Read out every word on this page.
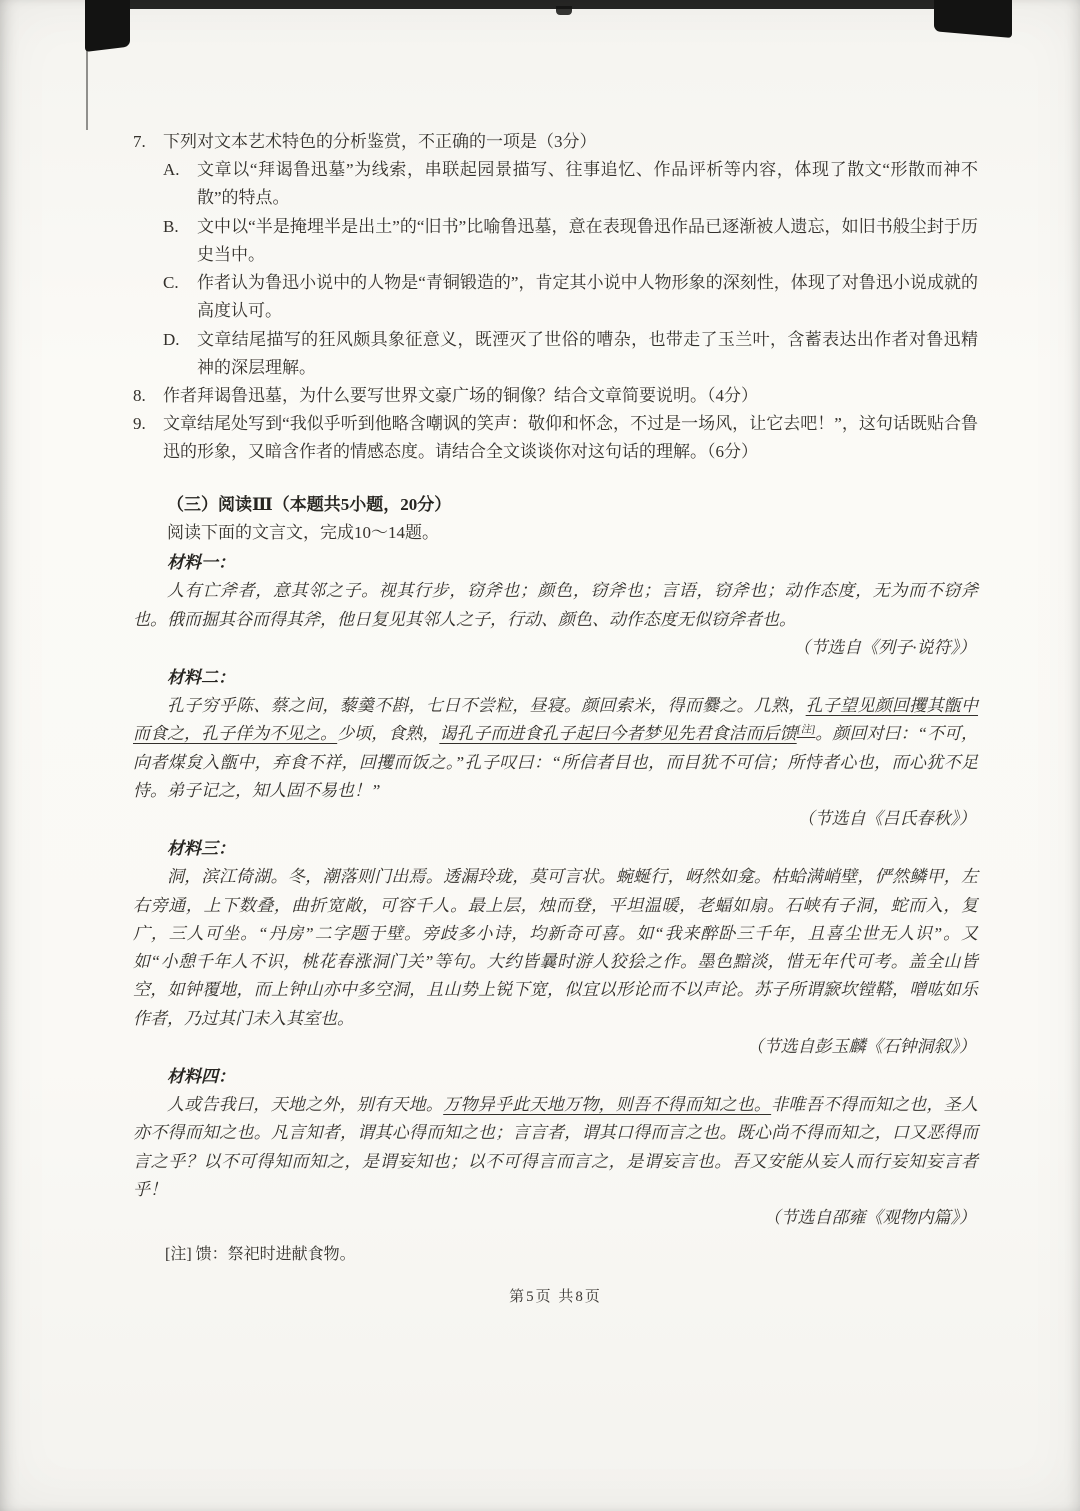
7.	下列对文本艺术特色的分析鉴赏，不正确的一项是（3分）
A.	文章以“拜谒鲁迅墓”为线索，串联起园景描写、往事追忆、作品评析等内容，体现了散文“形散而神不散”的特点。
B.	文中以“半是掩埋半是出土”的“旧书”比喻鲁迅墓，意在表现鲁迅作品已逐渐被人遗忘，如旧书般尘封于历史当中。
C.	作者认为鲁迅小说中的人物是“青铜锻造的”，肯定其小说中人物形象的深刻性，体现了对鲁迅小说成就的高度认可。
D.	文章结尾描写的狂风颇具象征意义，既湮灭了世俗的嘈杂，也带走了玉兰叶，含蓄表达出作者对鲁迅精神的深层理解。
8.	作者拜谒鲁迅墓，为什么要写世界文豪广场的铜像？结合文章简要说明。（4分）
9.	文章结尾处写到“我似乎听到他略含嘲讽的笑声：敬仰和怀念，不过是一场风，让它去吧！”，这句话既贴合鲁迅的形象，又暗含作者的情感态度。请结合全文谈谈你对这句话的理解。（6分）
（三）阅读Ⅲ（本题共5小题，20分）
阅读下面的文言文，完成10～14题。
材料一：
人有亡斧者，意其邻之子。视其行步，窃斧也；颜色，窃斧也；言语，窃斧也；动作态度，无为而不窃斧也。俄而掘其谷而得其斧，他日复见其邻人之子，行动、颜色、动作态度无似窃斧者也。
（节选自《列子·说符》）
材料二：
孔子穷乎陈、蔡之间，藜羹不斟，七日不尝粒，昼寝。颜回索米，得而爨之。几熟，孔子望见颜回攫其甑中而食之，孔子佯为不见之。少顷，食熟，谒孔子而进食孔子起曰今者梦见先君食洁而后馈[注]。颜回对曰：“不可，向者煤炱入甑中，弃食不祥，回攫而饭之。”孔子叹曰：“所信者目也，而目犹不可信；所恃者心也，而心犹不足恃。弟子记之，知人固不易也！”
（节选自《吕氏春秋》）
材料三：
洞，滨江倚湖。冬，潮落则门出焉。透漏玲珑，莫可言状。蜿蜒行，岈然如龛。枯蛤满峭壁，俨然鳞甲，左右旁通，上下数叠，曲折宽敞，可容千人。最上层，烛而登，平坦温暖，老蝠如扇。石峡有子洞，蛇而入，复广，三人可坐。“丹房”二字题于壁。旁歧多小诗，均新奇可喜。如“我来醉卧三千年，且喜尘世无人识”。又如“小憩千年人不识，桃花春涨洞门关”等句。大约皆曩时游人狡狯之作。墨色黯淡，惜无年代可考。盖全山皆空，如钟覆地，而上钟山亦中多空洞，且山势上锐下宽，似宜以形论而不以声论。苏子所谓窾坎镗鞳，噌吰如乐作者，乃过其门未入其室也。
（节选自彭玉麟《石钟洞叙》）
材料四：
人或告我曰，天地之外，别有天地。万物异乎此天地万物，则吾不得而知之也。非唯吾不得而知之也，圣人亦不得而知之也。凡言知者，谓其心得而知之也；言言者，谓其口得而言之也。既心尚不得而知之，口又恶得而言之乎？以不可得知而知之，是谓妄知也；以不可得言而言之，是谓妄言也。吾又安能从妄人而行妄知妄言者乎！
（节选自邵雍《观物内篇》）
[注] 馈：祭祀时进献食物。
第5页 共8页
